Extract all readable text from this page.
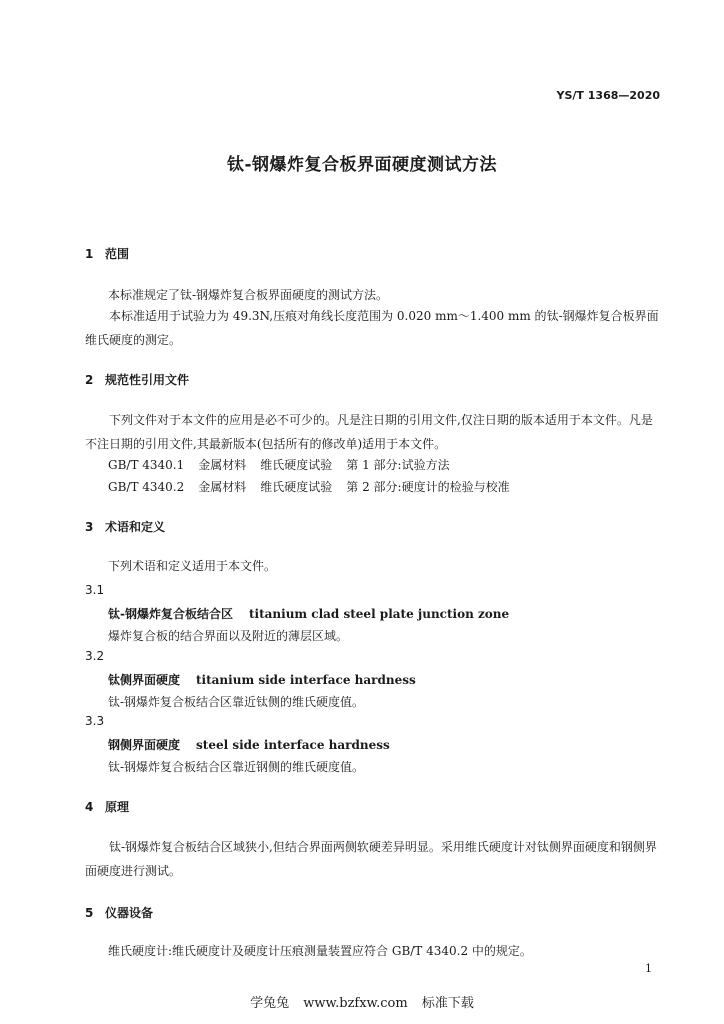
YS/T 1368—2020
钛-钢爆炸复合板界面硬度测试方法
1 范围
本标准规定了钛-钢爆炸复合板界面硬度的测试方法。
本标准适用于试验力为 49.3N,压痕对角线长度范围为 0.020 mm～1.400 mm 的钛-钢爆炸复合板界面维氏硬度的测定。
2 规范性引用文件
下列文件对于本文件的应用是必不可少的。凡是注日期的引用文件,仅注日期的版本适用于本文件。凡是不注日期的引用文件,其最新版本(包括所有的修改单)适用于本文件。
GB/T 4340.1 金属材料 维氏硬度试验 第 1 部分:试验方法
GB/T 4340.2 金属材料 维氏硬度试验 第 2 部分:硬度计的检验与校准
3 术语和定义
下列术语和定义适用于本文件。
3.1
钛-钢爆炸复合板结合区 titanium clad steel plate junction zone
爆炸复合板的结合界面以及附近的薄层区域。
3.2
钛侧界面硬度 titanium side interface hardness
钛-钢爆炸复合板结合区靠近钛侧的维氏硬度值。
3.3
钢侧界面硬度 steel side interface hardness
钛-钢爆炸复合板结合区靠近钢侧的维氏硬度值。
4 原理
钛-钢爆炸复合板结合区域狭小,但结合界面两侧软硬差异明显。采用维氏硬度计对钛侧界面硬度和钢侧界面硬度进行测试。
5 仪器设备
维氏硬度计:维氏硬度计及硬度计压痕测量装置应符合 GB/T 4340.2 中的规定。
1
学兔兔 www.bzfxw.com 标准下载
